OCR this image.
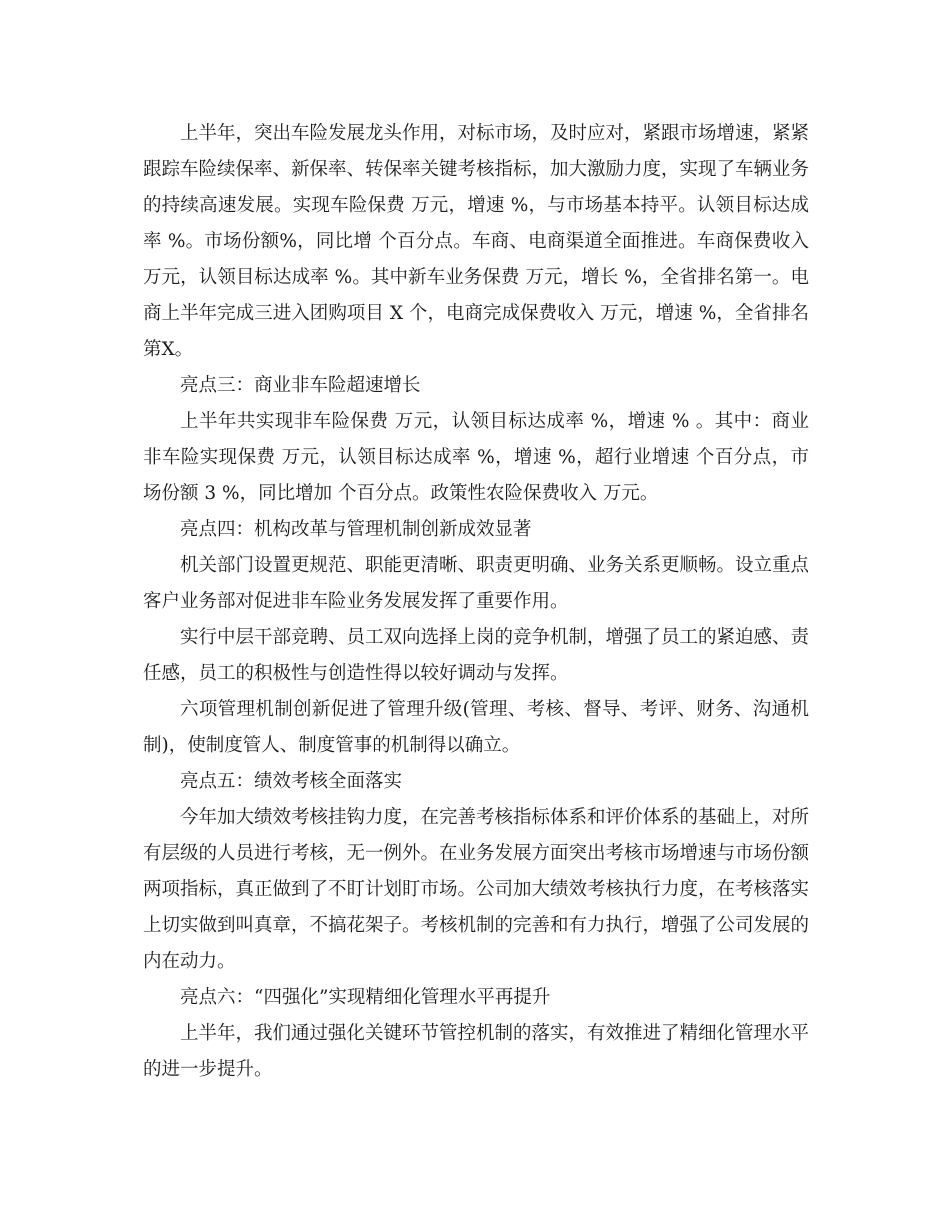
上半年，突出车险发展龙头作用，对标市场，及时应对，紧跟市场增速，紧紧跟踪车险续保率、新保率、转保率关键考核指标，加大激励力度，实现了车辆业务的持续高速发展。实现车险保费 万元，增速 %，与市场基本持平。认领目标达成率 %。市场份额%，同比增 个百分点。车商、电商渠道全面推进。车商保费收入 万元，认领目标达成率 %。其中新车业务保费 万元，增长 %，全省排名第一。电商上半年完成三进入团购项目 X 个，电商完成保费收入 万元，增速 %，全省排名第X。

亮点三：商业非车险超速增长

上半年共实现非车险保费 万元，认领目标达成率 %，增速 % 。其中：商业非车险实现保费 万元，认领目标达成率 %，增速 %，超行业增速 个百分点，市场份额 3 %，同比增加 个百分点。政策性农险保费收入 万元。

亮点四：机构改革与管理机制创新成效显著

机关部门设置更规范、职能更清晰、职责更明确、业务关系更顺畅。设立重点客户业务部对促进非车险业务发展发挥了重要作用。

实行中层干部竞聘、员工双向选择上岗的竞争机制，增强了员工的紧迫感、责任感，员工的积极性与创造性得以较好调动与发挥。

六项管理机制创新促进了管理升级(管理、考核、督导、考评、财务、沟通机制)，使制度管人、制度管事的机制得以确立。

亮点五：绩效考核全面落实

今年加大绩效考核挂钩力度，在完善考核指标体系和评价体系的基础上，对所有层级的人员进行考核，无一例外。在业务发展方面突出考核市场增速与市场份额两项指标，真正做到了不盯计划盯市场。公司加大绩效考核执行力度，在考核落实上切实做到叫真章，不搞花架子。考核机制的完善和有力执行，增强了公司发展的内在动力。

亮点六：“四强化”实现精细化管理水平再提升

上半年，我们通过强化关键环节管控机制的落实，有效推进了精细化管理水平的进一步提升。
